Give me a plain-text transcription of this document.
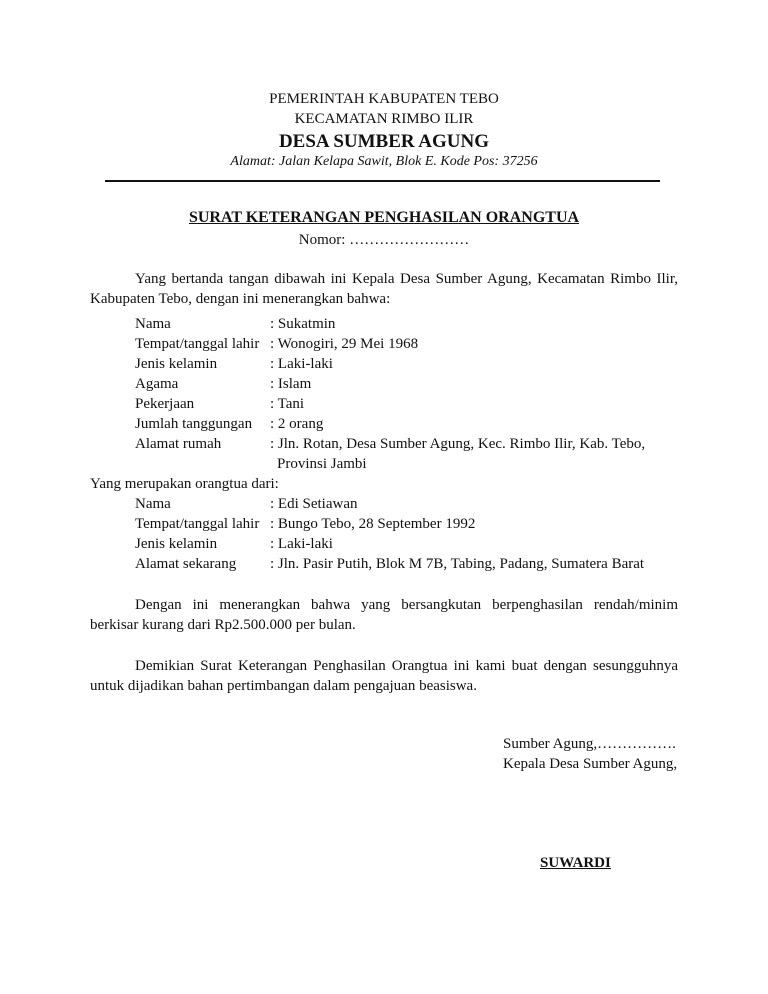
PEMERINTAH KABUPATEN TEBO
KECAMATAN RIMBO ILIR
DESA SUMBER AGUNG
Alamat: Jalan Kelapa Sawit, Blok E. Kode Pos: 37256
SURAT KETERANGAN PENGHASILAN ORANGTUA
Nomor: ……………………
Yang bertanda tangan dibawah ini Kepala Desa Sumber Agung, Kecamatan Rimbo Ilir, Kabupaten Tebo, dengan ini menerangkan bahwa:
Nama	: Sukatmin
Tempat/tanggal lahir : Wonogiri, 29 Mei 1968
Jenis kelamin	: Laki-laki
Agama	: Islam
Pekerjaan	: Tani
Jumlah tanggungan : 2 orang
Alamat rumah	: Jln. Rotan, Desa Sumber Agung, Kec. Rimbo Ilir, Kab. Tebo,
Provinsi Jambi
Yang merupakan orangtua dari:
Nama	: Edi Setiawan
Tempat/tanggal lahir : Bungo Tebo, 28 September 1992
Jenis kelamin	: Laki-laki
Alamat sekarang : Jln. Pasir Putih, Blok M 7B, Tabing, Padang, Sumatera Barat
Dengan ini menerangkan bahwa yang bersangkutan berpenghasilan rendah/minim berkisar kurang dari Rp2.500.000 per bulan.
Demikian Surat Keterangan Penghasilan Orangtua ini kami buat dengan sesungguhnya untuk dijadikan bahan pertimbangan dalam pengajuan beasiswa.
Sumber Agung,…………….
Kepala Desa Sumber Agung,
SUWARDI
